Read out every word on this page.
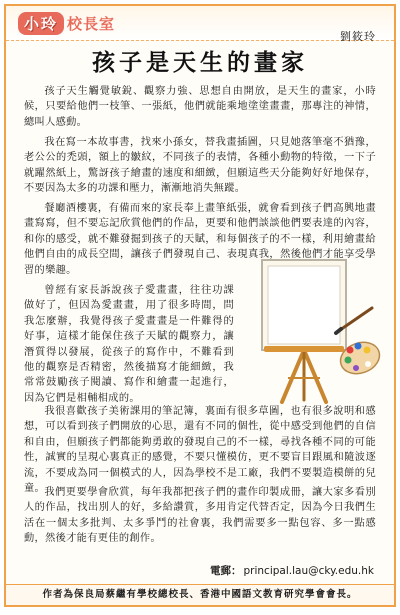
小玲 校長室
劉筱玲
孩子是天生的畫家
孩子天生觸覺敏銳、觀察力強、思想自由開放，是天生的畫家，小時候，只要給他們一枝筆、一張紙，他們就能乘地塗塗畫畫，那專注的神情，總叫人感動。
我在寫一本故事書，找來小孫女，替我畫插圖，只見她落筆毫不猶豫，老公公的禿頭，額上的皺紋，不同孩子的表情，各種小動物的特徵，一下子就躍然紙上，驚訝孩子繪畫的速度和細緻，但願這些天分能夠好好地保存，不要因為太多的功課和壓力，漸漸地消失無蹤。
餐廳酒樓裏，有備而來的家長奉上畫筆紙張，就會看到孩子們高興地畫畫寫寫，但不要忘記欣賞他們的作品，更要和他們談談他們要表達的內容，和你的感受，就不難發掘到孩子的天賦，和每個孩子的不一樣，利用繪畫給他們自由的成長空間，讓孩子們發現自己、表現真我，然後他們才能享受學習的樂趣。
曾經有家長訴說孩子愛畫畫，往往功課做好了，但因為愛畫畫，用了很多時間，問我怎麼辦，我覺得孩子愛畫畫是一件難得的好事，這樣才能保住孩子天賦的觀察力，讓潛質得以發展，從孩子的寫作中，不難看到他的觀察是否精密，然後描寫才能細緻，我常常鼓勵孩子閱讀、寫作和繪畫一起進行，因為它們是相輔相成的。
我很喜歡孩子美術課用的筆記簿，裏面有很多草圖，也有很多說明和感想，可以看到孩子們開放的心思，還有不同的個性，從中感受到他們的自信和自由，但願孩子們都能夠勇敢的發現自己的不一樣，尋找各種不同的可能性，誠實的呈現心裏真正的感覺，不要只懂模仿，更不要盲目跟風和隨波逐流，不要成為同一個模式的人，因為學校不是工廠，我們不要製造模餅的兒童。 我們更要學會欣賞，每年我都把孩子們的畫作印製成冊，讓大家多看別人的作品，找出別人的好，多給讚賞，多用肯定代替否定，因為今日我們生活在一個太多批判、太多爭鬥的社會裏，我們需要多一點包容、多一點感動，然後才能有更佳的創作。
電郵： principal.lau@cky.edu.hk
作者為保良局蔡繼有學校總校長、香港中國語文教育研究學會會長。
